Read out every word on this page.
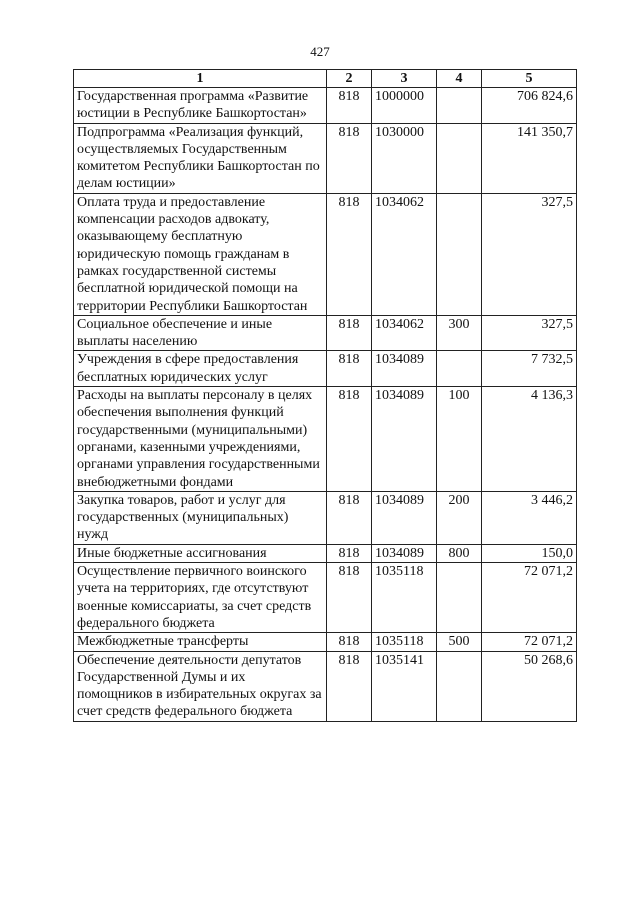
427
1	2	3	4	5
Государственная программа «Развитие юстиции в Республике Башкортостан»	818	1000000		706 824,6
Подпрограмма «Реализация функций, осуществляемых Государственным комитетом Республики Башкортостан по делам юстиции»	818	1030000		141 350,7
Оплата труда и предоставление компенсации расходов адвокату, оказывающему бесплатную юридическую помощь гражданам в рамках государственной системы бесплатной юридической помощи на территории Республики Башкортостан	818	1034062		327,5
Социальное обеспечение и иные выплаты населению	818	1034062	300	327,5
Учреждения в сфере предоставления бесплатных юридических услуг	818	1034089		7 732,5
Расходы на выплаты персоналу в целях обеспечения выполнения функций государственными (муниципальными) органами, казенными учреждениями, органами управления государственными внебюджетными фондами	818	1034089	100	4 136,3
Закупка товаров, работ и услуг для государственных (муниципальных) нужд	818	1034089	200	3 446,2
Иные бюджетные ассигнования	818	1034089	800	150,0
Осуществление первичного воинского учета на территориях, где отсутствуют военные комиссариаты, за счет средств федерального бюджета	818	1035118		72 071,2
Межбюджетные трансферты	818	1035118	500	72 071,2
Обеспечение деятельности депутатов Государственной Думы и их помощников в избирательных округах за счет средств федерального бюджета	818	1035141		50 268,6
